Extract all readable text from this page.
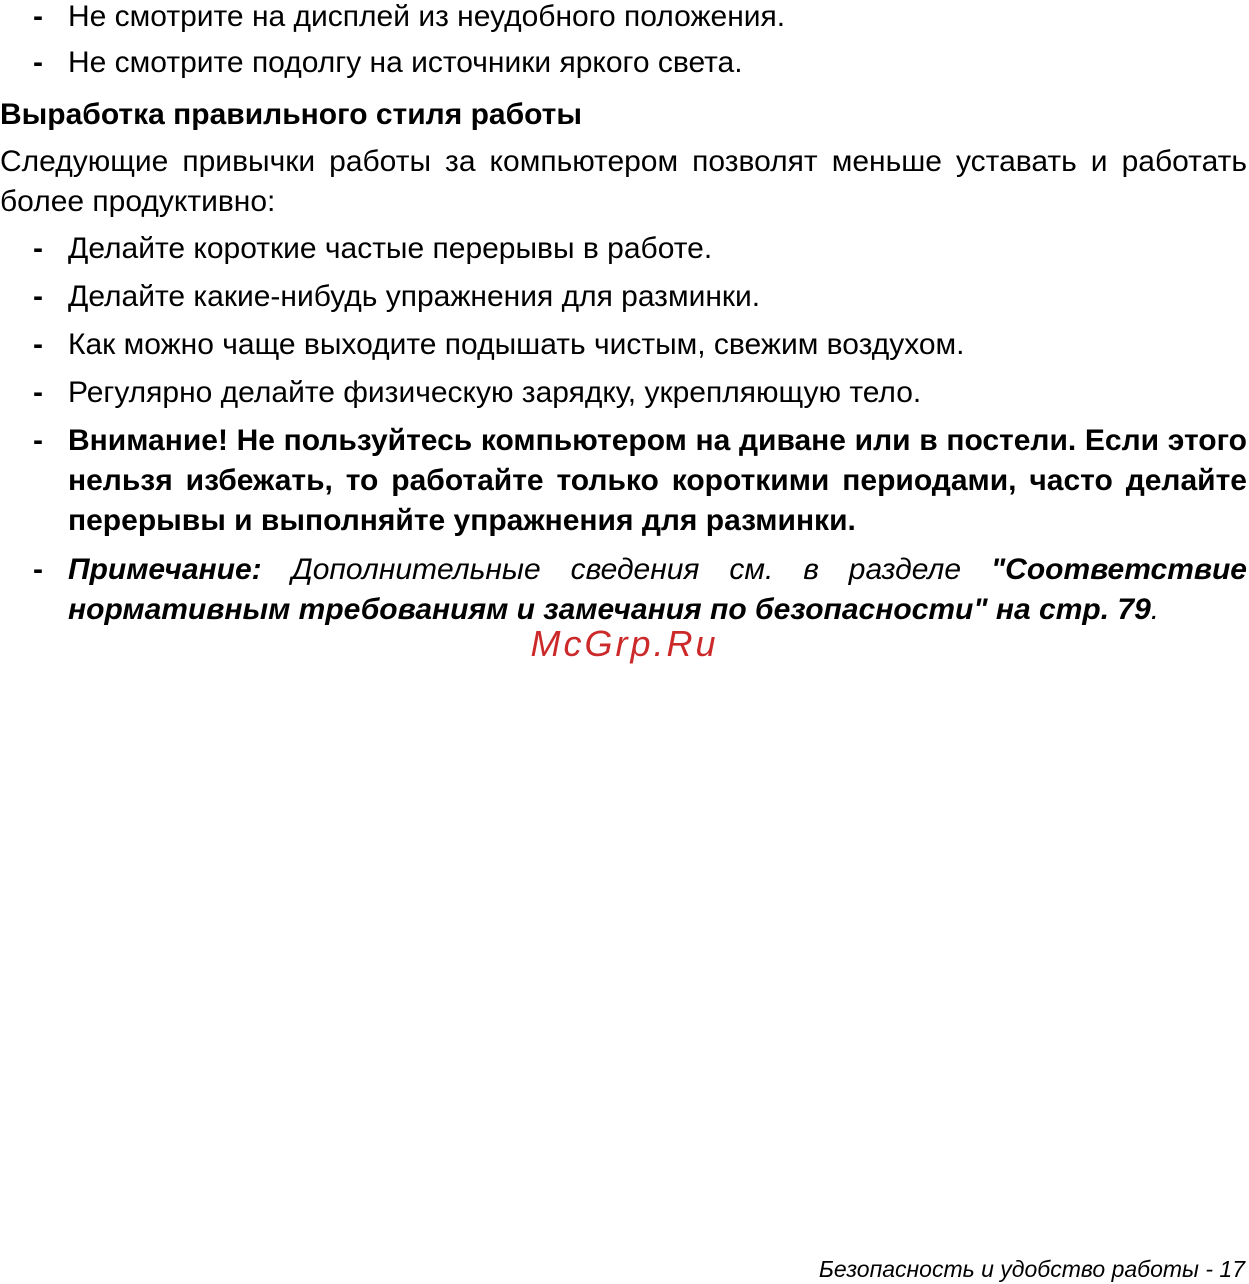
- Не смотрите на дисплей из неудобного положения.
- Не смотрите подолгу на источники яркого света.
Выработка правильного стиля работы
Следующие привычки работы за компьютером позволят меньше уставать и работать более продуктивно:
- Делайте короткие частые перерывы в работе.
- Делайте какие-нибудь упражнения для разминки.
- Как можно чаще выходите подышать чистым, свежим воздухом.
- Регулярно делайте физическую зарядку, укрепляющую тело.
- Внимание! Не пользуйтесь компьютером на диване или в постели. Если этого нельзя избежать, то работайте только короткими периодами, часто делайте перерывы и выполняйте упражнения для разминки.
- Примечание: Дополнительные сведения см. в разделе "Соответствие нормативным требованиям и замечания по безопасности" на стр. 79.
McGrp.Ru
Безопасность и удобство работы - 17
